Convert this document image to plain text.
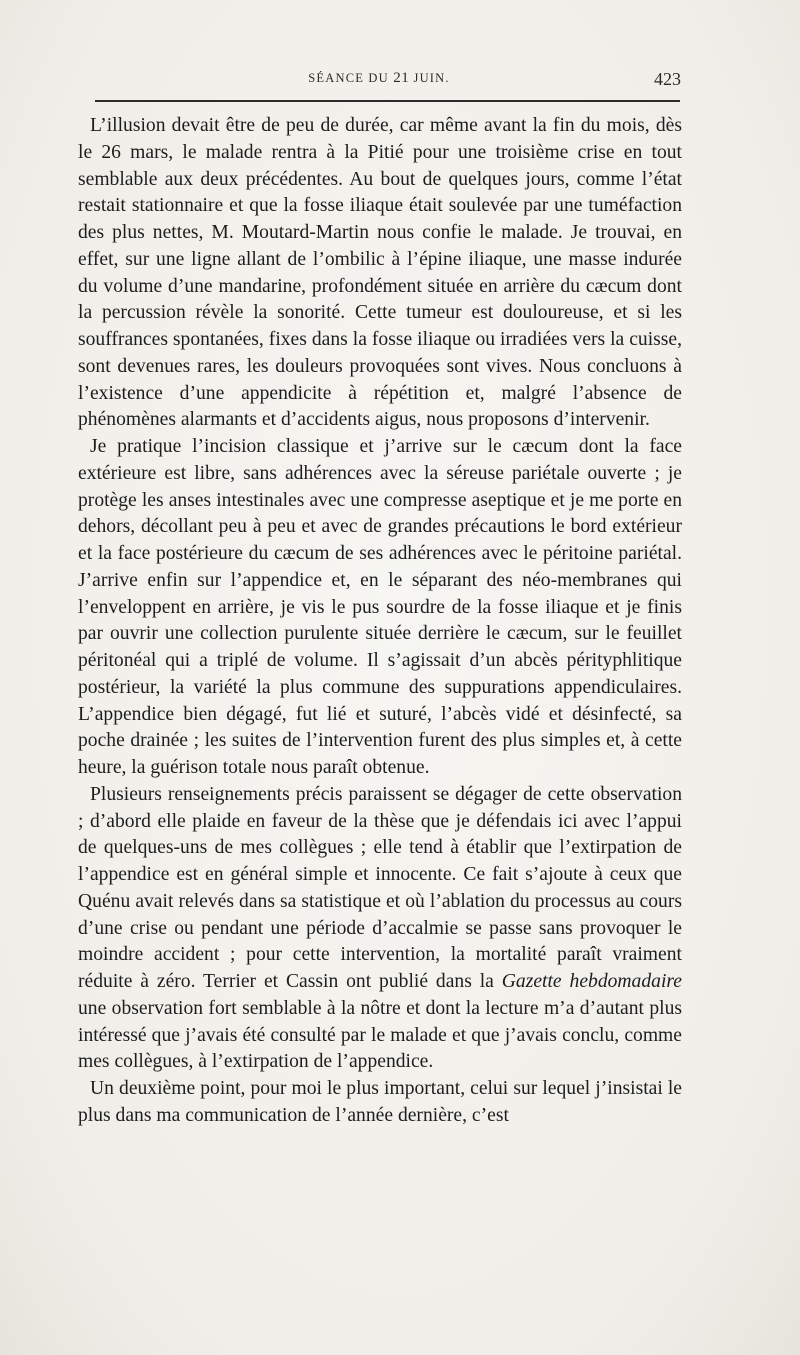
SÉANCE DU 21 JUIN.	423

L’illusion devait être de peu de durée, car même avant la fin du mois, dès le 26 mars, le malade rentra à la Pitié pour une troisième crise en tout semblable aux deux précédentes. Au bout de quelques jours, comme l’état restait stationnaire et que la fosse iliaque était soulevée par une tuméfaction des plus nettes, M. Moutard-Martin nous confie le malade. Je trouvai, en effet, sur une ligne allant de l’ombilic à l’épine iliaque, une masse indurée du volume d’une mandarine, profondément située en arrière du cæcum dont la percussion révèle la sonorité. Cette tumeur est douloureuse, et si les souffrances spontanées, fixes dans la fosse iliaque ou irradiées vers la cuisse, sont devenues rares, les douleurs provoquées sont vives. Nous concluons à l’existence d’une appendicite à répétition et, malgré l’absence de phénomènes alarmants et d’accidents aigus, nous proposons d’intervenir.

Je pratique l’incision classique et j’arrive sur le cæcum dont la face extérieure est libre, sans adhérences avec la séreuse pariétale ouverte ; je protège les anses intestinales avec une compresse aseptique et je me porte en dehors, décollant peu à peu et avec de grandes précautions le bord extérieur et la face postérieure du cæcum de ses adhérences avec le péritoine pariétal. J’arrive enfin sur l’appendice et, en le séparant des néo-membranes qui l’enveloppent en arrière, je vis le pus sourdre de la fosse iliaque et je finis par ouvrir une collection purulente située derrière le cæcum, sur le feuillet péritonéal qui a triplé de volume. Il s’agissait d’un abcès pérityphlitique postérieur, la variété la plus commune des suppurations appendiculaires. L’appendice bien dégagé, fut lié et suturé, l’abcès vidé et désinfecté, sa poche drainée ; les suites de l’intervention furent des plus simples et, à cette heure, la guérison totale nous paraît obtenue.

Plusieurs renseignements précis paraissent se dégager de cette observation ; d’abord elle plaide en faveur de la thèse que je défendais ici avec l’appui de quelques-uns de mes collègues ; elle tend à établir que l’extirpation de l’appendice est en général simple et innocente. Ce fait s’ajoute à ceux que Quénu avait relevés dans sa statistique et où l’ablation du processus au cours d’une crise ou pendant une période d’accalmie se passe sans provoquer le moindre accident ; pour cette intervention, la mortalité paraît vraiment réduite à zéro. Terrier et Cassin ont publié dans la Gazette hebdomadaire une observation fort semblable à la nôtre et dont la lecture m’a d’autant plus intéressé que j’avais été consulté par le malade et que j’avais conclu, comme mes collègues, à l’extirpation de l’appendice.

Un deuxième point, pour moi le plus important, celui sur lequel j’insistai le plus dans ma communication de l’année dernière, c’est
